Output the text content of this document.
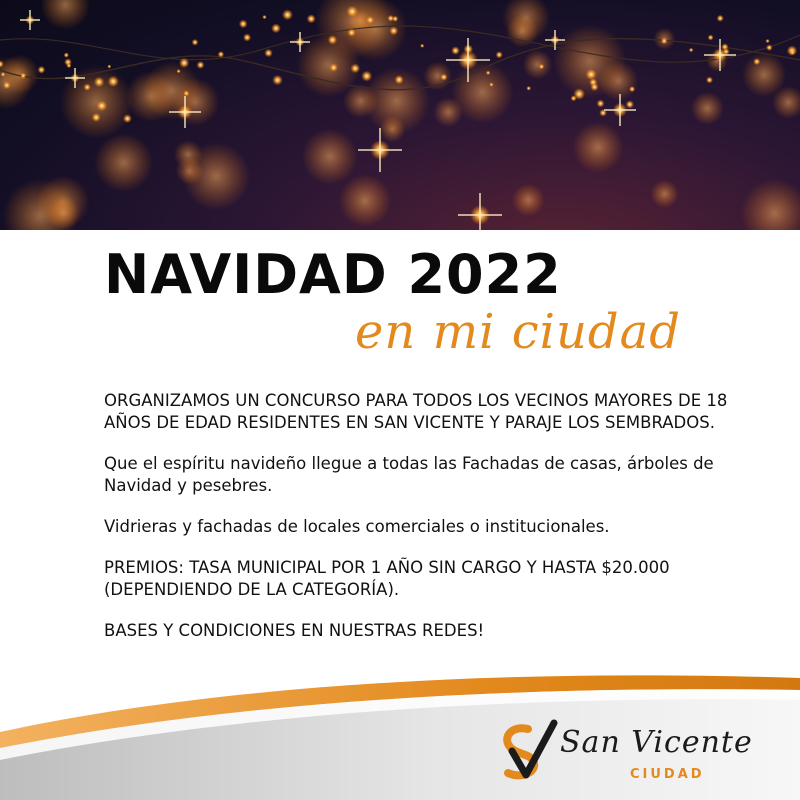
NAVIDAD 2022
en mi ciudad

ORGANIZAMOS UN CONCURSO PARA TODOS LOS VECINOS MAYORES DE 18 AÑOS DE EDAD RESIDENTES EN SAN VICENTE Y PARAJE LOS SEMBRADOS.

Que el espíritu navideño llegue a todas las Fachadas de casas, árboles de Navidad y pesebres.

Vidrieras y fachadas de locales comerciales o institucionales.

PREMIOS: TASA MUNICIPAL POR 1 AÑO SIN CARGO Y HASTA $20.000 (DEPENDIENDO DE LA CATEGORÍA).

BASES Y CONDICIONES EN NUESTRAS REDES!

San Vicente
CIUDAD
